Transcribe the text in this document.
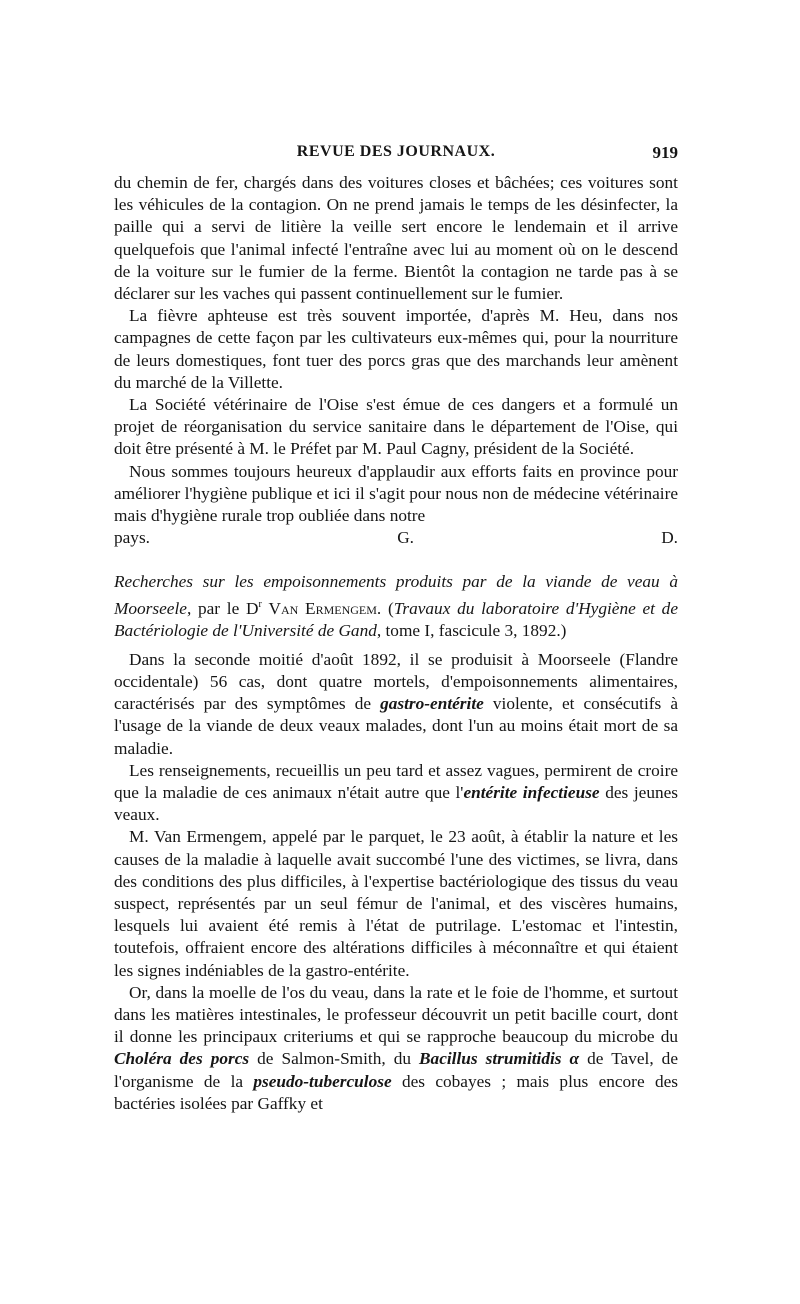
REVUE DES JOURNAUX.	919

du chemin de fer, chargés dans des voitures closes et bâchées; ces voitures sont les véhicules de la contagion. On ne prend jamais le temps de les désinfecter, la paille qui a servi de litière la veille sert encore le lendemain et il arrive quelquefois que l'animal infecté l'entraîne avec lui au moment où on le descend de la voiture sur le fumier de la ferme. Bientôt la contagion ne tarde pas à se déclarer sur les vaches qui passent continuellement sur le fumier.

La fièvre aphteuse est très souvent importée, d'après M. Heu, dans nos campagnes de cette façon par les cultivateurs eux-mêmes qui, pour la nourriture de leurs domestiques, font tuer des porcs gras que des marchands leur amènent du marché de la Villette.

La Société vétérinaire de l'Oise s'est émue de ces dangers et a formulé un projet de réorganisation du service sanitaire dans le département de l'Oise, qui doit être présenté à M. le Préfet par M. Paul Cagny, président de la Société.

Nous sommes toujours heureux d'applaudir aux efforts faits en province pour améliorer l'hygiène publique et ici il s'agit pour nous non de médecine vétérinaire mais d'hygiène rurale trop oubliée dans notre

pays.	G. D.

Recherches sur les empoisonnements produits par de la viande de veau à Moorseele, par le $D^r$ Van Ermengem. (Travaux du laboratoire d'Hygiène et de Bactériologie de l'Université de Gand, tome I, fascicule 3, 1892.)

Dans la seconde moitié d'août 1892, il se produisit à Moorseele (Flandre occidentale) 56 cas, dont quatre mortels, d'empoisonnements alimentaires, caractérisés par des symptômes de gastro-entérite violente, et consécutifs à l'usage de la viande de deux veaux malades, dont l'un au moins était mort de sa maladie.

Les renseignements, recueillis un peu tard et assez vagues, permirent de croire que la maladie de ces animaux n'était autre que l'entérite infectieuse des jeunes veaux.

M. Van Ermengem, appelé par le parquet, le 23 août, à établir la nature et les causes de la maladie à laquelle avait succombé l'une des victimes, se livra, dans des conditions des plus difficiles, à l'expertise bactériologique des tissus du veau suspect, représentés par un seul fémur de l'animal, et des viscères humains, lesquels lui avaient été remis à l'état de putrilage. L'estomac et l'intestin, toutefois, offraient encore des altérations difficiles à méconnaître et qui étaient les signes indéniables de la gastro-entérite.

Or, dans la moelle de l'os du veau, dans la rate et le foie de l'homme, et surtout dans les matières intestinales, le professeur découvrit un petit bacille court, dont il donne les principaux criteriums et qui se rapproche beaucoup du microbe du Choléra des porcs de Salmon-Smith, du Bacillus strumitidis α de Tavel, de l'organisme de la pseudo-tuberculose des cobayes ; mais plus encore des bactéries isolées par Gaffky et
